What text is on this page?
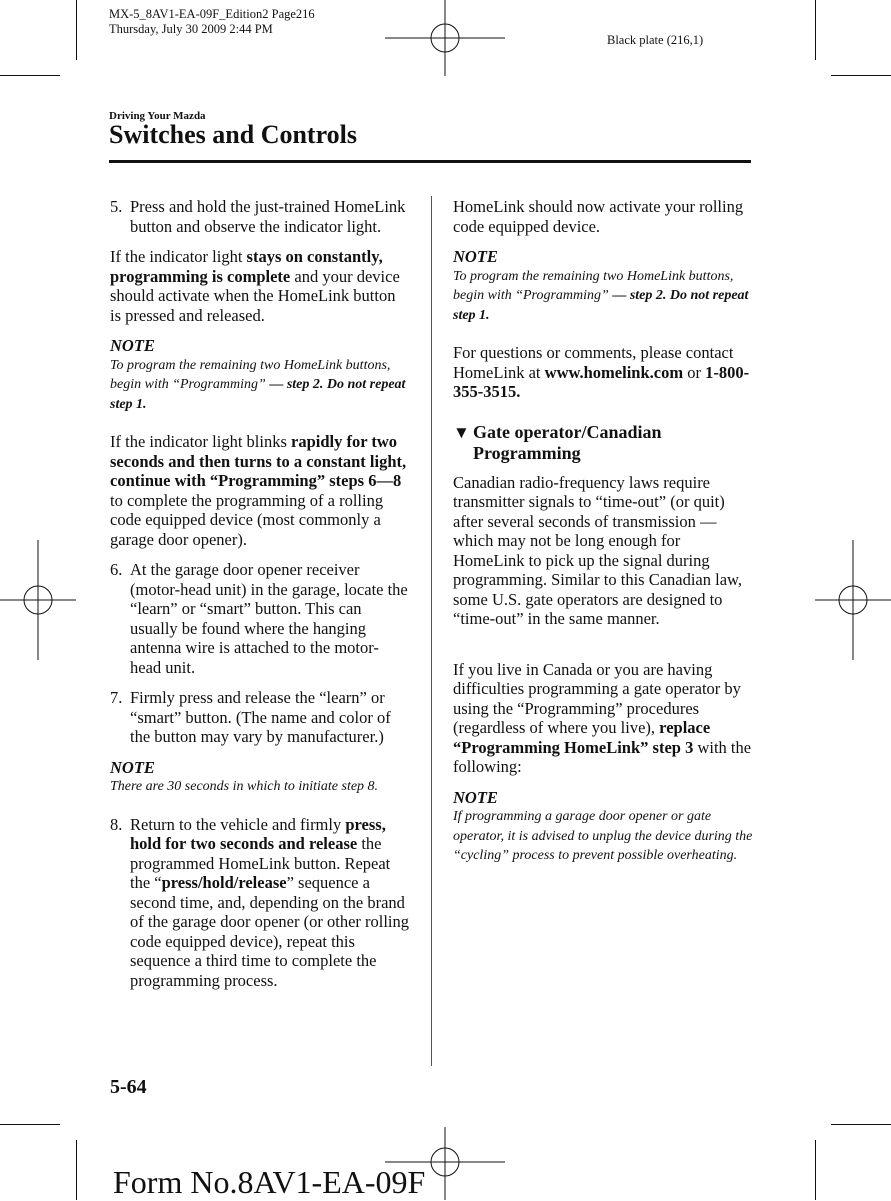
MX-5_8AV1-EA-09F_Edition2 Page216
Thursday, July 30 2009 2:44 PM
Black plate (216,1)
Driving Your Mazda
Switches and Controls
5. Press and hold the just-trained HomeLink button and observe the indicator light.

If the indicator light stays on constantly, programming is complete and your device should activate when the HomeLink button is pressed and released.

NOTE
To program the remaining two HomeLink buttons, begin with “Programming” — step 2. Do not repeat step 1.

If the indicator light blinks rapidly for two seconds and then turns to a constant light, continue with “Programming” steps 6—8 to complete the programming of a rolling code equipped device (most commonly a garage door opener).

6. At the garage door opener receiver (motor-head unit) in the garage, locate the “learn” or “smart” button. This can usually be found where the hanging antenna wire is attached to the motor-head unit.
7. Firmly press and release the “learn” or “smart” button. (The name and color of the button may vary by manufacturer.)
NOTE
There are 30 seconds in which to initiate step 8.
8. Return to the vehicle and firmly press, hold for two seconds and release the programmed HomeLink button. Repeat the “press/hold/release” sequence a second time, and, depending on the brand of the garage door opener (or other rolling code equipped device), repeat this sequence a third time to complete the programming process.

HomeLink should now activate your rolling code equipped device.

NOTE
To program the remaining two HomeLink buttons, begin with “Programming” — step 2. Do not repeat step 1.

For questions or comments, please contact HomeLink at www.homelink.com or 1-800-355-3515.

▼ Gate operator/Canadian Programming

Canadian radio-frequency laws require transmitter signals to “time-out” (or quit) after several seconds of transmission — which may not be long enough for HomeLink to pick up the signal during programming. Similar to this Canadian law, some U.S. gate operators are designed to “time-out” in the same manner.

If you live in Canada or you are having difficulties programming a gate operator by using the “Programming” procedures (regardless of where you live), replace “Programming HomeLink” step 3 with the following:

NOTE
If programming a garage door opener or gate operator, it is advised to unplug the device during the “cycling” process to prevent possible overheating.
5-64
Form No.8AV1-EA-09F
